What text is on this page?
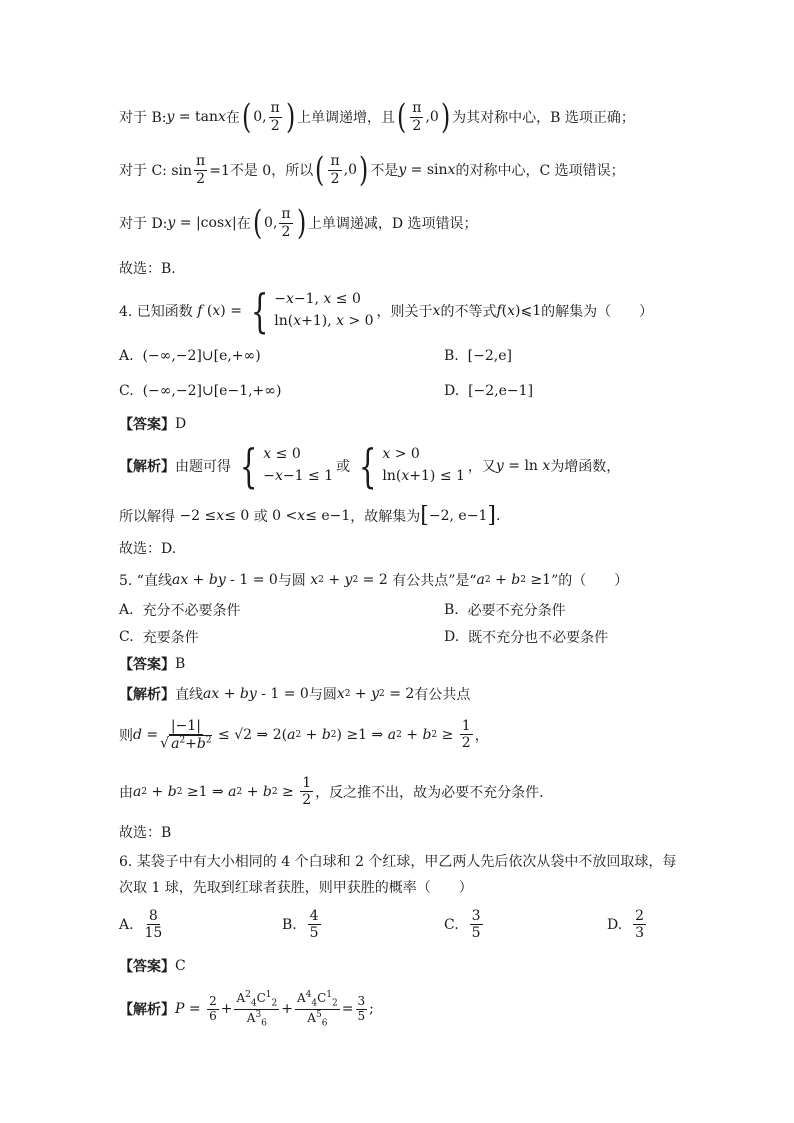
对于 B: y = tan x 在 ( 0, $\frac{\pi}{2}$ ) 上单调递增，且 ( $\frac{\pi}{2} ,0$ ) 为其对称中心，B 选项正确；
对于 C: $\sin \frac{\pi}{2} =1$不是 0，所以 ( $\frac{\pi}{2} ,0$ ) 不是 y = sin x 的对称中心，C 选项错误；
对于 D: y = |cos x | 在 ( 0, $\frac{\pi}{2}$ ) 上单调递减，D 选项错误；
故选：B.
4. 已知函数
f ( x ) = { −x−1, x ≤ 0
ln(x+1), x > 0
，则关于 x 的不等式 f ( x )⩽1 的解集为（　　）
A.
(−∞,−2]∪[e,+∞)	B.
[−2,e]
C.
(−∞,−2]∪[e−1,+∞)	D.
[−2,e−1]
【答案】 D
【解析】 由题可得 { x ≤ 0
−x−1 ≤ 1
或 { x > 0
ln(x+1) ≤ 1
，又 y = ln x 为增函数，
所以解得 −2 ≤ x ≤ 0 或 0 < x ≤ e−1 ，故解集为 [ −2, e−1 ] .
故选：D.
5. “直线 ax + by - 1 = 0 与圆
x 2 + y 2 = 2 有公共点”是“ a 2 + b 2 ≥1 ”的（　　）
A.
充分不必要条件	B.
必要不充分条件
C.
充要条件	D.
既不充分也不必要条件
【答案】 B
【解析】 直线 ax + by - 1 = 0 与圆 x 2 + y 2 = 2 有公共点
则 $d = \frac{|-1|}{√ a^2+b^2} \le √2$ ⇒ 2( a 2 + b 2 ) ≥1 ⇒ a 2 + b $2 \ge \frac{1}{2}$ ，
由 a 2 + b 2 ≥1 ⇒ a 2 + b $2 \ge \frac{1}{2}$ ，反之推不出，故为必要不充分条件.
故选：B
6. 某袋子中有大小相同的 4 个白球和 2 个红球，甲乙两人先后依次从袋中不放回取球，每
次取 1 球，先取到红球者获胜，则甲获胜的概率（　　）
A.
$\frac{8}{15}$	B.
$\frac{4}{5}$	C.
$\frac{3}{5}$	D.
$\frac{2}{3}$
【答案】 C
【解析】 $P = \frac{2}{6} + \frac{A^2_4C^1_2}{A^3_6} + \frac{A^4_4C^1_2}{A^5_6} = \frac{3}{5}$ ;
